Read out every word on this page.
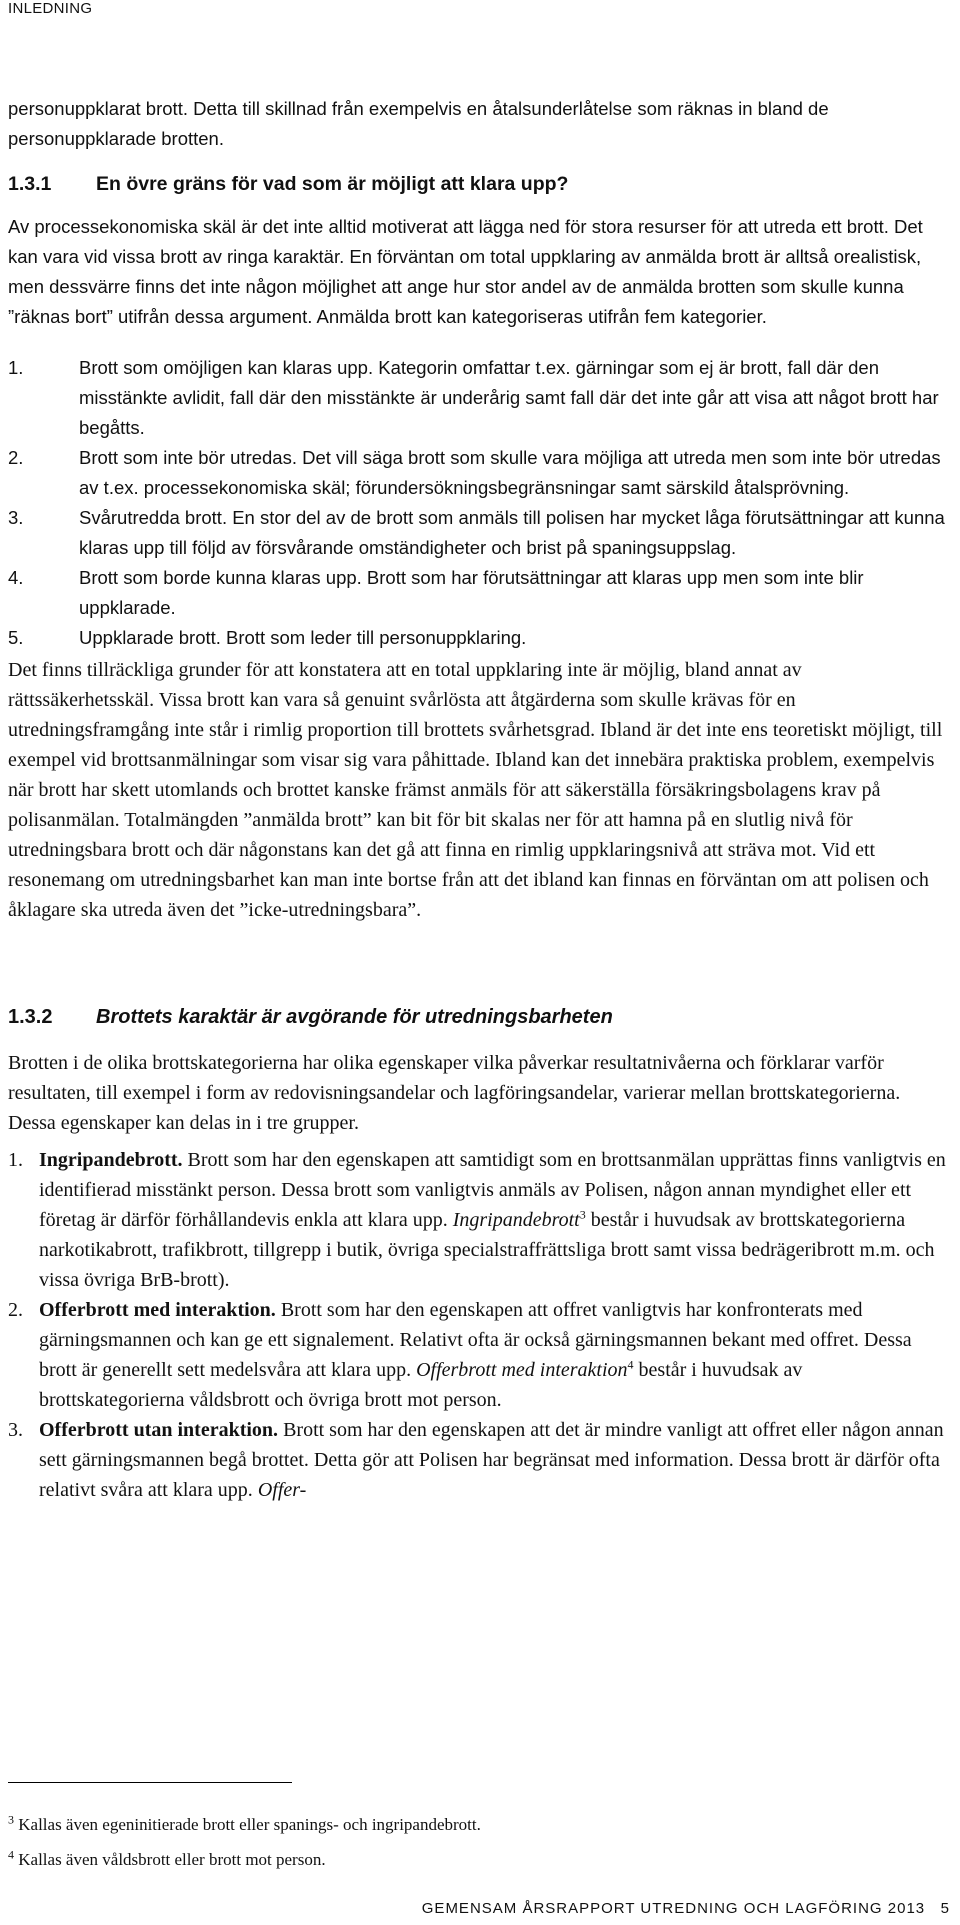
INLEDNING

personuppklarat brott. Detta till skillnad från exempelvis en åtalsunderlåtelse som räknas in bland de personuppklarade brotten.

1.3.1 En övre gräns för vad som är möjligt att klara upp?

Av processekonomiska skäl är det inte alltid motiverat att lägga ned för stora resurser för att utreda ett brott. Det kan vara vid vissa brott av ringa karaktär. En förväntan om total uppklaring av anmälda brott är alltså orealistisk, men dessvärre finns det inte någon möjlighet att ange hur stor andel av de anmälda brotten som skulle kunna ”räknas bort” utifrån dessa argument. Anmälda brott kan kategoriseras utifrån fem kategorier.

1.	Brott som omöjligen kan klaras upp. Kategorin omfattar t.ex. gärningar som ej är brott, fall där den misstänkte avlidit, fall där den misstänkte är underårig samt fall där det inte går att visa att något brott har begåtts.
2.	Brott som inte bör utredas. Det vill säga brott som skulle vara möjliga att utreda men som inte bör utredas av t.ex. processekonomiska skäl; förundersökningsbegränsningar samt särskild åtalsprövning.
3.	Svårutredda brott. En stor del av de brott som anmäls till polisen har mycket låga förutsättningar att kunna klaras upp till följd av försvårande omständigheter och brist på spaningsuppslag.
4.	Brott som borde kunna klaras upp. Brott som har förutsättningar att klaras upp men som inte blir uppklarade.
5.	Uppklarade brott. Brott som leder till personuppklaring.

Det finns tillräckliga grunder för att konstatera att en total uppklaring inte är möjlig, bland annat av rättssäkerhetsskäl. Vissa brott kan vara så genuint svårlösta att åtgärderna som skulle krävas för en utredningsframgång inte står i rimlig proportion till brottets svårhetsgrad. Ibland är det inte ens teoretiskt möjligt, till exempel vid brottsanmälningar som visar sig vara påhittade. Ibland kan det innebära praktiska problem, exempelvis när brott har skett utomlands och brottet kanske främst anmäls för att säkerställa försäkringsbolagens krav på polisanmälan. Totalmängden ”anmälda brott” kan bit för bit skalas ner för att hamna på en slutlig nivå för utredningsbara brott och där någonstans kan det gå att finna en rimlig uppklaringsnivå att sträva mot. Vid ett resonemang om utredningsbarhet kan man inte bortse från att det ibland kan finnas en förväntan om att polisen och åklagare ska utreda även det ”icke-utredningsbara”.

1.3.2 Brottets karaktär är avgörande för utredningsbarheten

Brotten i de olika brottskategorierna har olika egenskaper vilka påverkar resultatnivåerna och förklarar varför resultaten, till exempel i form av redovisningsandelar och lagföringsandelar, varierar mellan brottskategorierna. Dessa egenskaper kan delas in i tre grupper.

1. Ingripandebrott. Brott som har den egenskapen att samtidigt som en brottsanmälan upprättas finns vanligtvis en identifierad misstänkt person. Dessa brott som vanligtvis anmäls av Polisen, någon annan myndighet eller ett företag är därför förhållandevis enkla att klara upp. Ingripandebrott$^3$ består i huvudsak av brottskategorierna narkotikabrott, trafikbrott, tillgrepp i butik, övriga specialstraffrättsliga brott samt vissa bedrägeribrott m.m. och vissa övriga BrB-brott).
2. Offerbrott med interaktion. Brott som har den egenskapen att offret vanligtvis har konfronterats med gärningsmannen och kan ge ett signalement. Relativt ofta är också gärningsmannen bekant med offret. Dessa brott är generellt sett medelsvåra att klara upp. Offerbrott med interaktion$^4$ består i huvudsak av brottskategorierna våldsbrott och övriga brott mot person.
3. Offerbrott utan interaktion. Brott som har den egenskapen att det är mindre vanligt att offret eller någon annan sett gärningsmannen begå brottet. Detta gör att Polisen har begränsat med information. Dessa brott är därför ofta relativt svåra att klara upp. Offer-

$^3$ Kallas även egeninitierade brott eller spanings- och ingripandebrott.

$^4$ Kallas även våldsbrott eller brott mot person.

GEMENSAM ÅRSRAPPORT UTREDNING OCH LAGFÖRING 2013 5
